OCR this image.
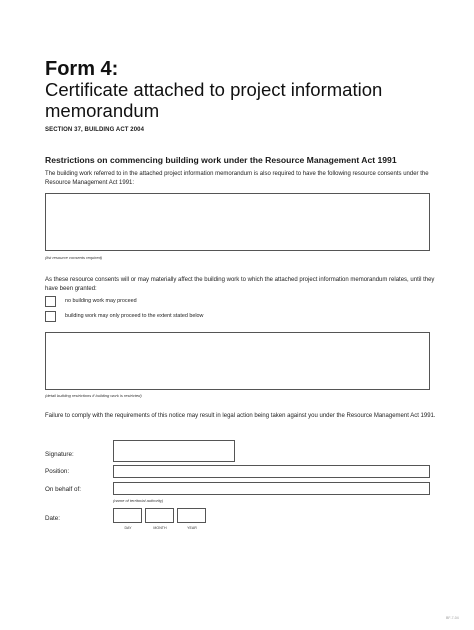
Form 4:
Certificate attached to project information memorandum
SECTION 37, BUILDING ACT 2004
Restrictions on commencing building work under the Resource Management Act 1991
The building work referred to in the attached project information memorandum is also required to have the following resource consents under the Resource Management Act 1991:
(list resource consents required)
As these resource consents will or may materially affect the building work to which the attached project information memorandum relates, until they have been granted:
no building work may proceed
building work may only proceed to the extent stated below
(detail building restrictions if building work is restricted)
Failure to comply with the requirements of this notice may result in legal action being taken against you under the Resource Management Act 1991.
Signature:
Position:
On behalf of:
(name of territorial authority)
Date:
DAY	MONTH	YEAR
BF-7-04
